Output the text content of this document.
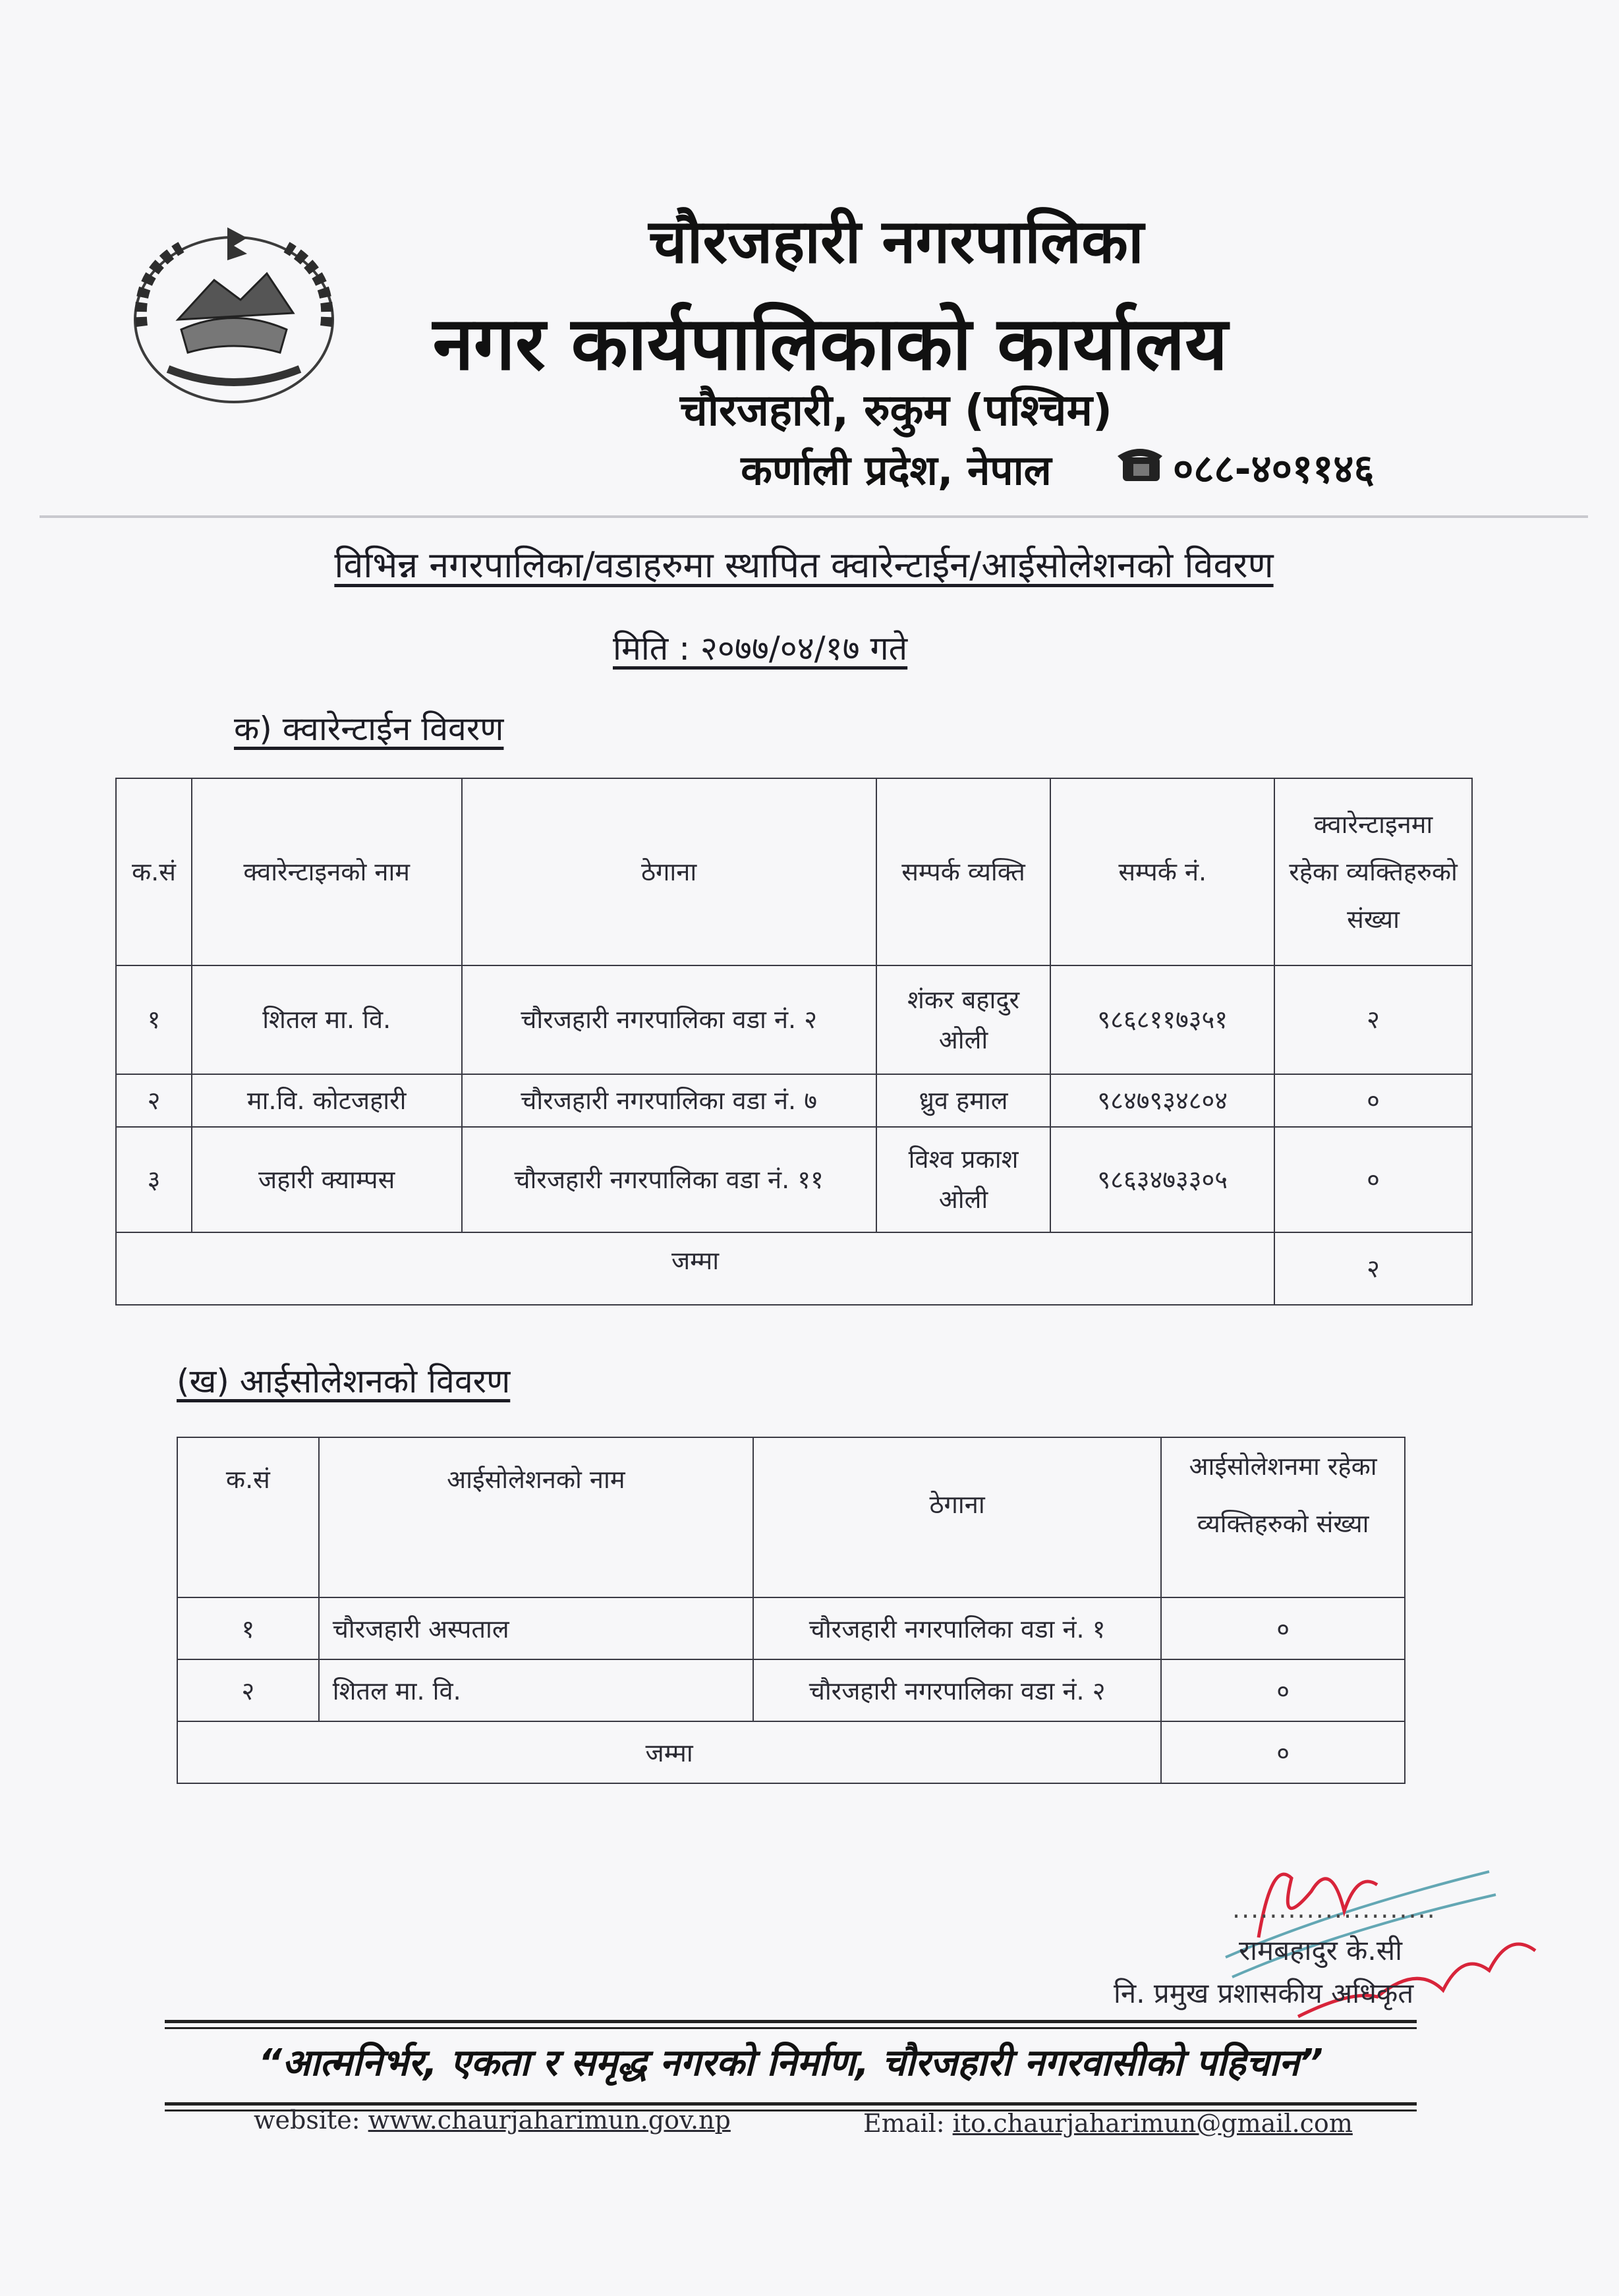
चौरजहारी नगरपालिका
नगर कार्यपालिकाको कार्यालय
चौरजहारी, रुकुम (पश्चिम)
कर्णाली प्रदेश, नेपाल	०८८-४०११४६
विभिन्न नगरपालिका/वडाहरुमा स्थापित क्वारेन्टाईन/आईसोलेशनको विवरण
मिति : २०७७/०४/१७ गते
क) क्वारेन्टाईन विवरण
क.सं	क्वारेन्टाइनको नाम	ठेगाना	सम्पर्क व्यक्ति	सम्पर्क नं.	क्वारेन्टाइनमा रहेका व्यक्तिहरुको संख्या
१	शितल मा. वि.	चौरजहारी नगरपालिका वडा नं. २	शंकर बहादुर ओली	९८६८११७३५१	२
२	मा.वि. कोटजहारी	चौरजहारी नगरपालिका वडा नं. ७	ध्रुव हमाल	९८४७९३४८०४	०
३	जहारी क्याम्पस	चौरजहारी नगरपालिका वडा नं. ११	विश्व प्रकाश ओली	९८६३४७३३०५	०
जम्मा					२
(ख) आईसोलेशनको विवरण
क.सं	आईसोलेशनको नाम	ठेगाना	आईसोलेशनमा रहेका व्यक्तिहरुको संख्या
१	चौरजहारी अस्पताल	चौरजहारी नगरपालिका वडा नं. १	०
२	शितल मा. वि.	चौरजहारी नगरपालिका वडा नं. २	०
जम्मा			०
......................
रामबहादुर के.सी
नि. प्रमुख प्रशासकीय अधिकृत
“आत्मनिर्भर, एकता र समृद्ध नगरको निर्माण, चौरजहारी नगरवासीको पहिचान”
website: www.chaurjaharimun.gov.np	Email: ito.chaurjaharimun@gmail.com
